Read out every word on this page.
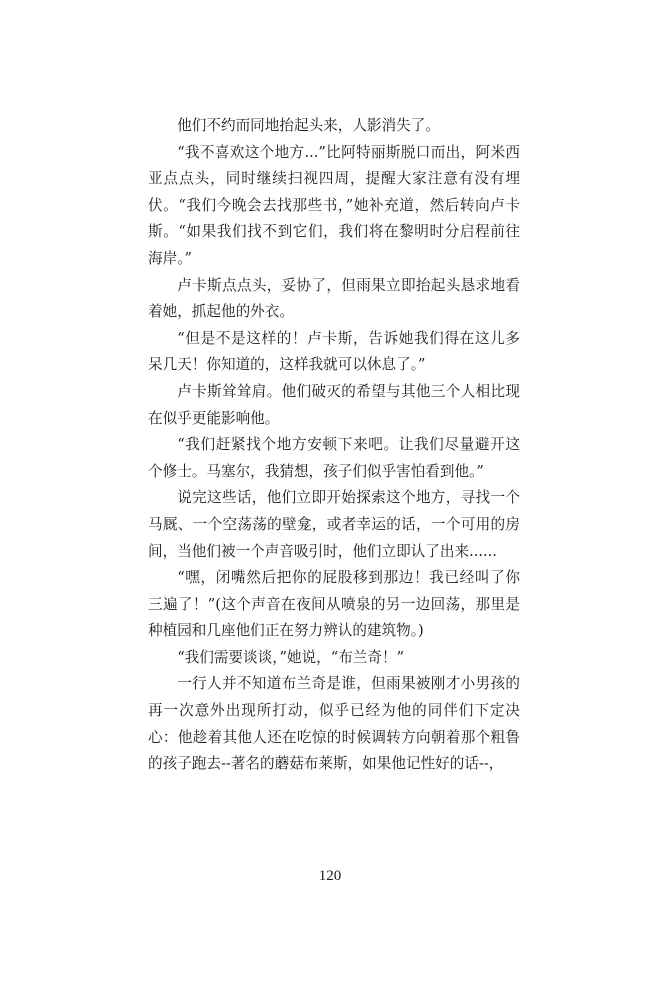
他们不约而同地抬起头来，人影消失了。

“我不喜欢这个地方...”比阿特丽斯脱口而出，阿米西亚点点头，同时继续扫视四周，提醒大家注意有没有埋伏。“我们今晚会去找那些书，”她补充道，然后转向卢卡斯。“如果我们找不到它们，我们将在黎明时分启程前往海岸。”

卢卡斯点点头，妥协了，但雨果立即抬起头恳求地看着她，抓起他的外衣。

“但是不是这样的！卢卡斯，告诉她我们得在这儿多呆几天！你知道的，这样我就可以休息了。”

卢卡斯耸耸肩。他们破灭的希望与其他三个人相比现在似乎更能影响他。

“我们赶紧找个地方安顿下来吧。让我们尽量避开这个修士。马塞尔，我猜想，孩子们似乎害怕看到他。”

说完这些话，他们立即开始探索这个地方，寻找一个马厩、一个空荡荡的壁龛，或者幸运的话，一个可用的房间，当他们被一个声音吸引时，他们立即认了出来......

“嘿，闭嘴然后把你的屁股移到那边！我已经叫了你三遍了！”(这个声音在夜间从喷泉的另一边回荡，那里是种植园和几座他们正在努力辨认的建筑物。)

“我们需要谈谈，”她说，“布兰奇！”

一行人并不知道布兰奇是谁，但雨果被刚才小男孩的再一次意外出现所打动，似乎已经为他的同伴们下定决心：他趁着其他人还在吃惊的时候调转方向朝着那个粗鲁的孩子跑去--著名的蘑菇布莱斯，如果他记性好的话--，

120
